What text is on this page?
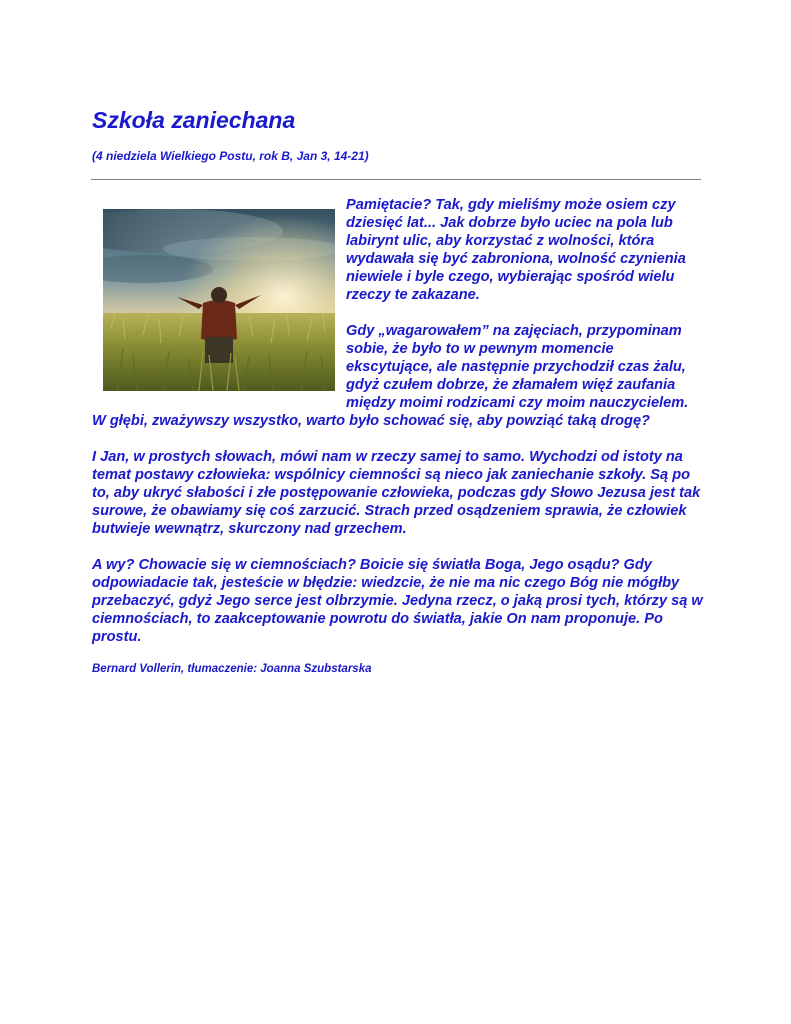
Szkoła zaniechana

(4 niedziela Wielkiego Postu, rok B, Jan 3, 14-21)

Pamiętacie? Tak, gdy mieliśmy może osiem czy dziesięć lat... Jak dobrze było uciec na pola lub labirynt ulic, aby korzystać z wolności, która wydawała się być zabroniona, wolność czynienia niewiele i byle czego, wybierając spośród wielu rzeczy te zakazane.

Gdy „wagarowałem” na zajęciach, przypominam sobie, że było to w pewnym momencie ekscytujące, ale następnie przychodził czas żalu, gdyż czułem dobrze, że złamałem więź zaufania między moimi rodzicami czy moim nauczycielem. W głębi, zważywszy wszystko, warto było schować się, aby powziąć taką drogę?

I Jan, w prostych słowach, mówi nam w rzeczy samej to samo. Wychodzi od istoty na temat postawy człowieka: wspólnicy ciemności są nieco jak zaniechanie szkoły. Są po to, aby ukryć słabości i złe postępowanie człowieka, podczas gdy Słowo Jezusa jest tak surowe, że obawiamy się coś zarzucić. Strach przed osądzeniem sprawia, że człowiek butwieje wewnątrz, skurczony nad grzechem.

A wy? Chowacie się w ciemnościach? Boicie się światła Boga, Jego osądu? Gdy odpowiadacie tak, jesteście w błędzie: wiedzcie, że nie ma nic czego Bóg nie mógłby przebaczyć, gdyż Jego serce jest olbrzymie. Jedyna rzecz, o jaką prosi tych, którzy są w ciemnościach, to zaakceptowanie powrotu do światła, jakie On nam proponuje. Po prostu.

Bernard Vollerin, tłumaczenie: Joanna Szubstarska
